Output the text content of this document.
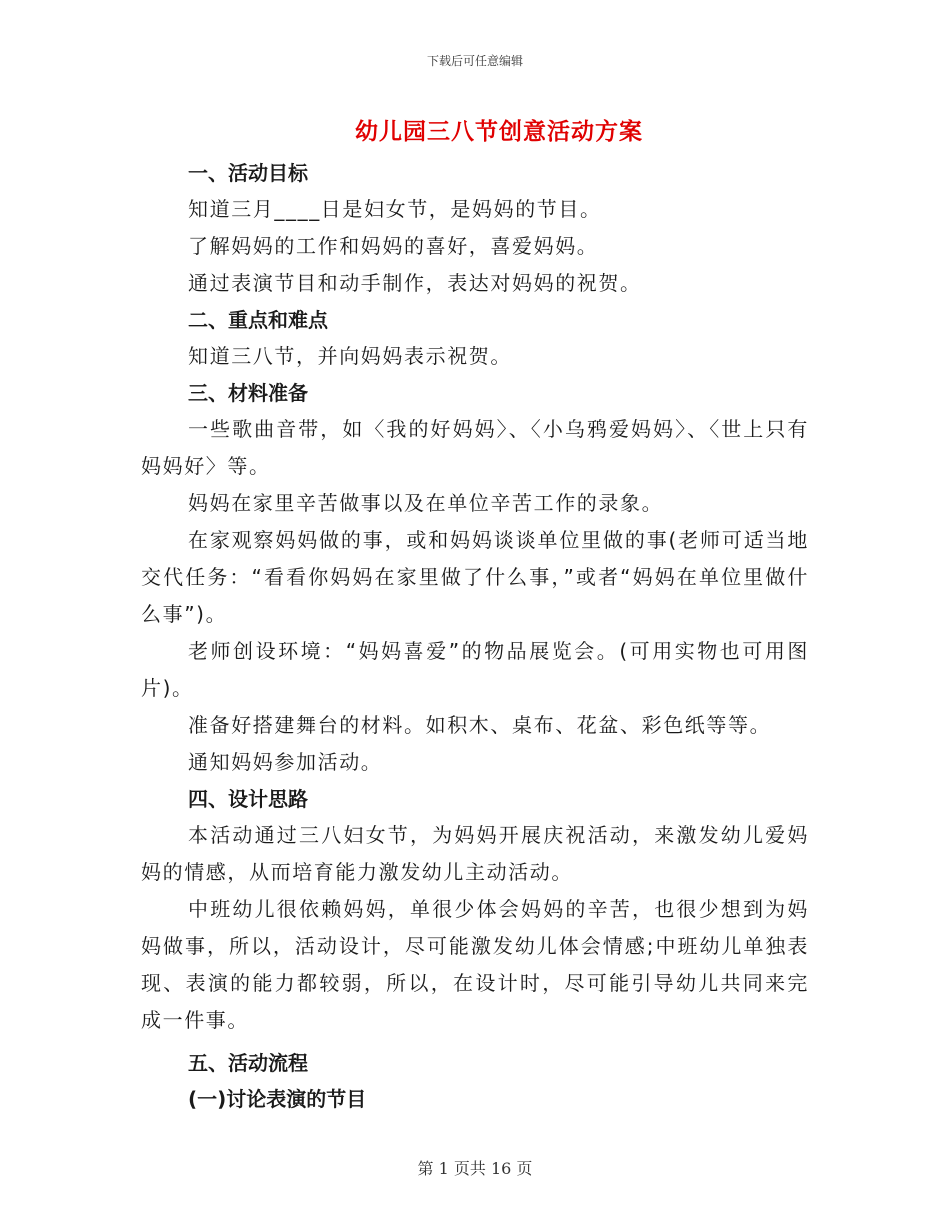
下载后可任意编辑
幼儿园三八节创意活动方案
一、活动目标

知道三月____日是妇女节，是妈妈的节目。

了解妈妈的工作和妈妈的喜好，喜爱妈妈。

通过表演节目和动手制作，表达对妈妈的祝贺。

二、重点和难点

知道三八节，并向妈妈表示祝贺。

三、材料准备

一些歌曲音带，如〈我的好妈妈〉、〈小乌鸦爱妈妈〉、〈世上只有妈妈好〉等。

妈妈在家里辛苦做事以及在单位辛苦工作的录象。

在家观察妈妈做的事，或和妈妈谈谈单位里做的事(老师可适当地交代任务：“看看你妈妈在家里做了什么事，”或者“妈妈在单位里做什么事”)。

老师创设环境：“妈妈喜爱”的物品展览会。(可用实物也可用图片)。

准备好搭建舞台的材料。如积木、桌布、花盆、彩色纸等等。

通知妈妈参加活动。

四、设计思路

本活动通过三八妇女节，为妈妈开展庆祝活动，来激发幼儿爱妈妈的情感，从而培育能力激发幼儿主动活动。

中班幼儿很依赖妈妈，单很少体会妈妈的辛苦，也很少想到为妈妈做事，所以，活动设计，尽可能激发幼儿体会情感;中班幼儿单独表现、表演的能力都较弱，所以，在设计时，尽可能引导幼儿共同来完成一件事。

五、活动流程
(一)讨论表演的节目
第 1 页共 16 页
